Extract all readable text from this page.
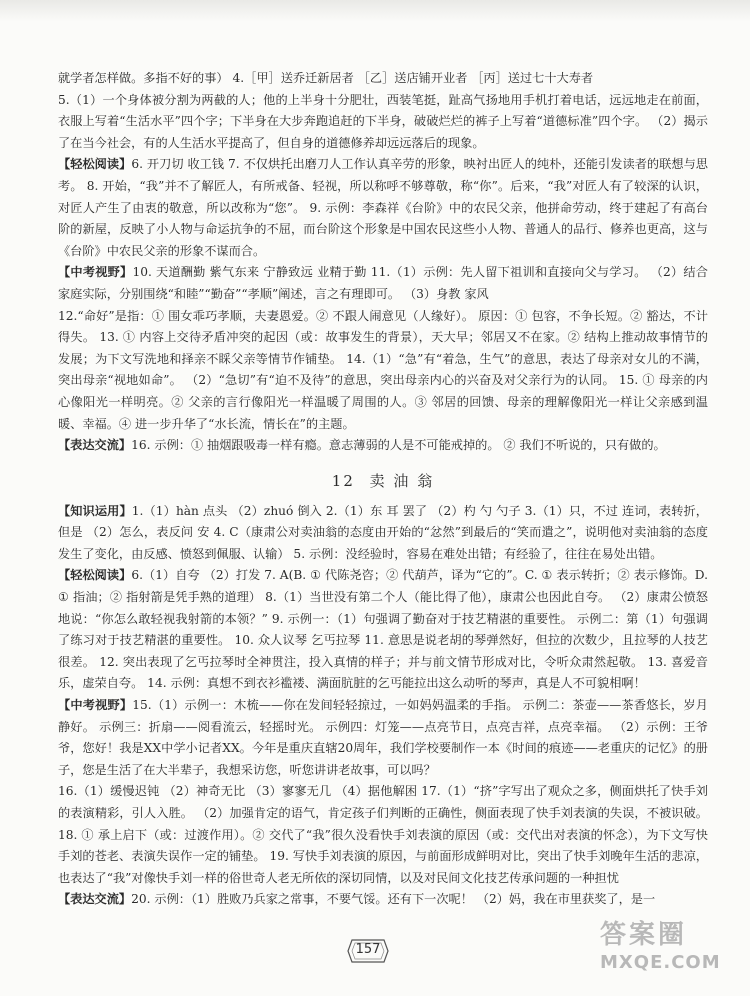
就学者怎样做。多指不好的事） 4.［甲］送乔迁新居者 ［乙］送店铺开业者 ［丙］送过七十大寿者

5.（1）一个身体被分割为两截的人；他的上半身十分肥壮，西装笔挺，趾高气扬地用手机打着电话，远远地走在前面，衣服上写着“生活水平”四个字；下半身在大步奔跑追赶的下半身，破破烂烂的裤子上写着“道德标准”四个字。 （2）揭示了在当今社会，有的人生活水平提高了，但自身的道德修养却远远落后的现象。

【轻松阅读】6. 开刀切 收工钱 7. 不仅烘托出磨刀人工作认真辛劳的形象，映衬出匠人的纯朴，还能引发读者的联想与思考。 8. 开始，“我”并不了解匠人，有所戒备、轻视，所以称呼不够尊敬，称“你”。后来，“我”对匠人有了较深的认识，对匠人产生了由衷的敬意，所以改称为“您”。 9. 示例：李森祥《台阶》中的农民父亲，他拼命劳动，终于建起了有高台阶的新屋，反映了小人物与命运抗争的不屈，而台阶这个形象是中国农民这些小人物、普通人的品行、修养也更高，这与《台阶》中农民父亲的形象不谋而合。

【中考视野】10. 天道酬勤 紫气东来 宁静致远 业精于勤 11.（1）示例：先人留下祖训和直接向父与学习。 （2）结合家庭实际，分别围绕“和睦”“勤奋”“孝顺”阐述，言之有理即可。 （3）身教 家风

12.“命好”是指：① 围女乖巧孝顺，夫妻恩爱。② 不跟人闹意见（人缘好）。 原因：① 包容，不争长短。② 豁达，不计得失。 13. ① 内容上交待矛盾冲突的起因（或：故事发生的背景），天大早；邻居又不在家。② 结构上推动故事情节的发展；为下文写洗地和择亲不睬父亲等情节作铺垫。 14.（1）“急”有“着急，生气”的意思，表达了母亲对女儿的不满，突出母亲“视地如命”。 （2）“急切”有“迫不及待”的意思，突出母亲内心的兴奋及对父亲行为的认同。 15. ① 母亲的内心像阳光一样明亮。② 父亲的言行像阳光一样温暖了周围的人。③ 邻居的回馈、母亲的理解像阳光一样让父亲感到温暖、幸福。④ 进一步升华了“水长流，情长在”的主题。

【表达交流】16. 示例：① 抽烟跟吸毒一样有瘾。意志薄弱的人是不可能戒掉的。 ② 我们不听说的，只有做的。

12 卖 油 翁

【知识运用】1.（1）hàn 点头 （2）zhuó 倒入 2.（1）东 耳 罢了 （2）杓 勺 勺子 3.（1）只，不过 连词，表转折，但是 （2）怎么，表反问 安 4. C（康肃公对卖油翁的态度由开始的“忿然”到最后的“笑而遣之”，说明他对卖油翁的态度发生了变化，由反感、愤怒到佩服、认输） 5. 示例：没经验时，容易在难处出错；有经验了，往往在易处出错。

【轻松阅读】6.（1）自夸 （2）打发 7. A(B. ① 代陈尧咨；② 代葫芦，译为“它的”。C. ① 表示转折；② 表示修饰。D. ① 指油；② 指射箭是凭手熟的道理） 8.（1）当世没有第二个人（能比得了他），康肃公也因此自夸。 （2）康肃公愤怒地说：“你怎么敢轻视我射箭的本领？” 9. 示例一：（1）句强调了勤奋对于技艺精湛的重要性。 示例二：第（1）句强调了练习对于技艺精湛的重要性。 10. 众人议琴 乞丐拉琴 11. 意思是说老胡的琴弹然好，但拉的次数少，且拉琴的人技艺很差。 12. 突出表现了乞丐拉琴时全神贯注，投入真情的样子；并与前文情节形成对比，令听众肃然起敬。 13. 喜爱音乐，虚荣自夸。 14. 示例：真想不到衣衫褴褛、满面肮脏的乞丐能拉出这么动听的琴声，真是人不可貌相啊！

【中考视野】15.（1）示例一：木梳——你在发间轻轻掠过，一如妈妈温柔的手指。 示例二：茶壶——茶香悠长，岁月静好。 示例三：折扇——阅看流云，轻摇时光。 示例四：灯笼——点亮节日，点亮吉祥，点亮幸福。 （2）示例：王爷爷，您好！我是XX中学小记者XX。今年是重庆直辖20周年，我们学校要制作一本《时间的痕迹——老重庆的记忆》的册子，您是生活了在大半辈子，我想采访您，听您讲讲老故事，可以吗？

16.（1）缓慢迟钝 （2）神奇无比 （3）寥寥无几 （4）据他解困 17.（1）“挤”字写出了观众之多，侧面烘托了快手刘的表演精彩，引人入胜。 （2）加强肯定的语气，肯定孩子们判断的正确性，侧面表现了快手刘表演的失误，不被识破。 18. ① 承上启下（或：过渡作用）。② 交代了“我”很久没看快手刘表演的原因（或：交代出对表演的怀念），为下文写快手刘的苍老、表演失误作一定的铺垫。 19. 写快手刘表演的原因，与前面形成鲜明对比，突出了快手刘晚年生活的悲凉，也表达了“我”对像快手刘一样的俗世奇人老无所依的深切同情，以及对民间文化技艺传承问题的一种担忧

【表达交流】20. 示例：（1）胜败乃兵家之常事，不要气馁。还有下一次呢！ （2）妈，我在市里获奖了，是一

157	答案圈
MXQE.COM
